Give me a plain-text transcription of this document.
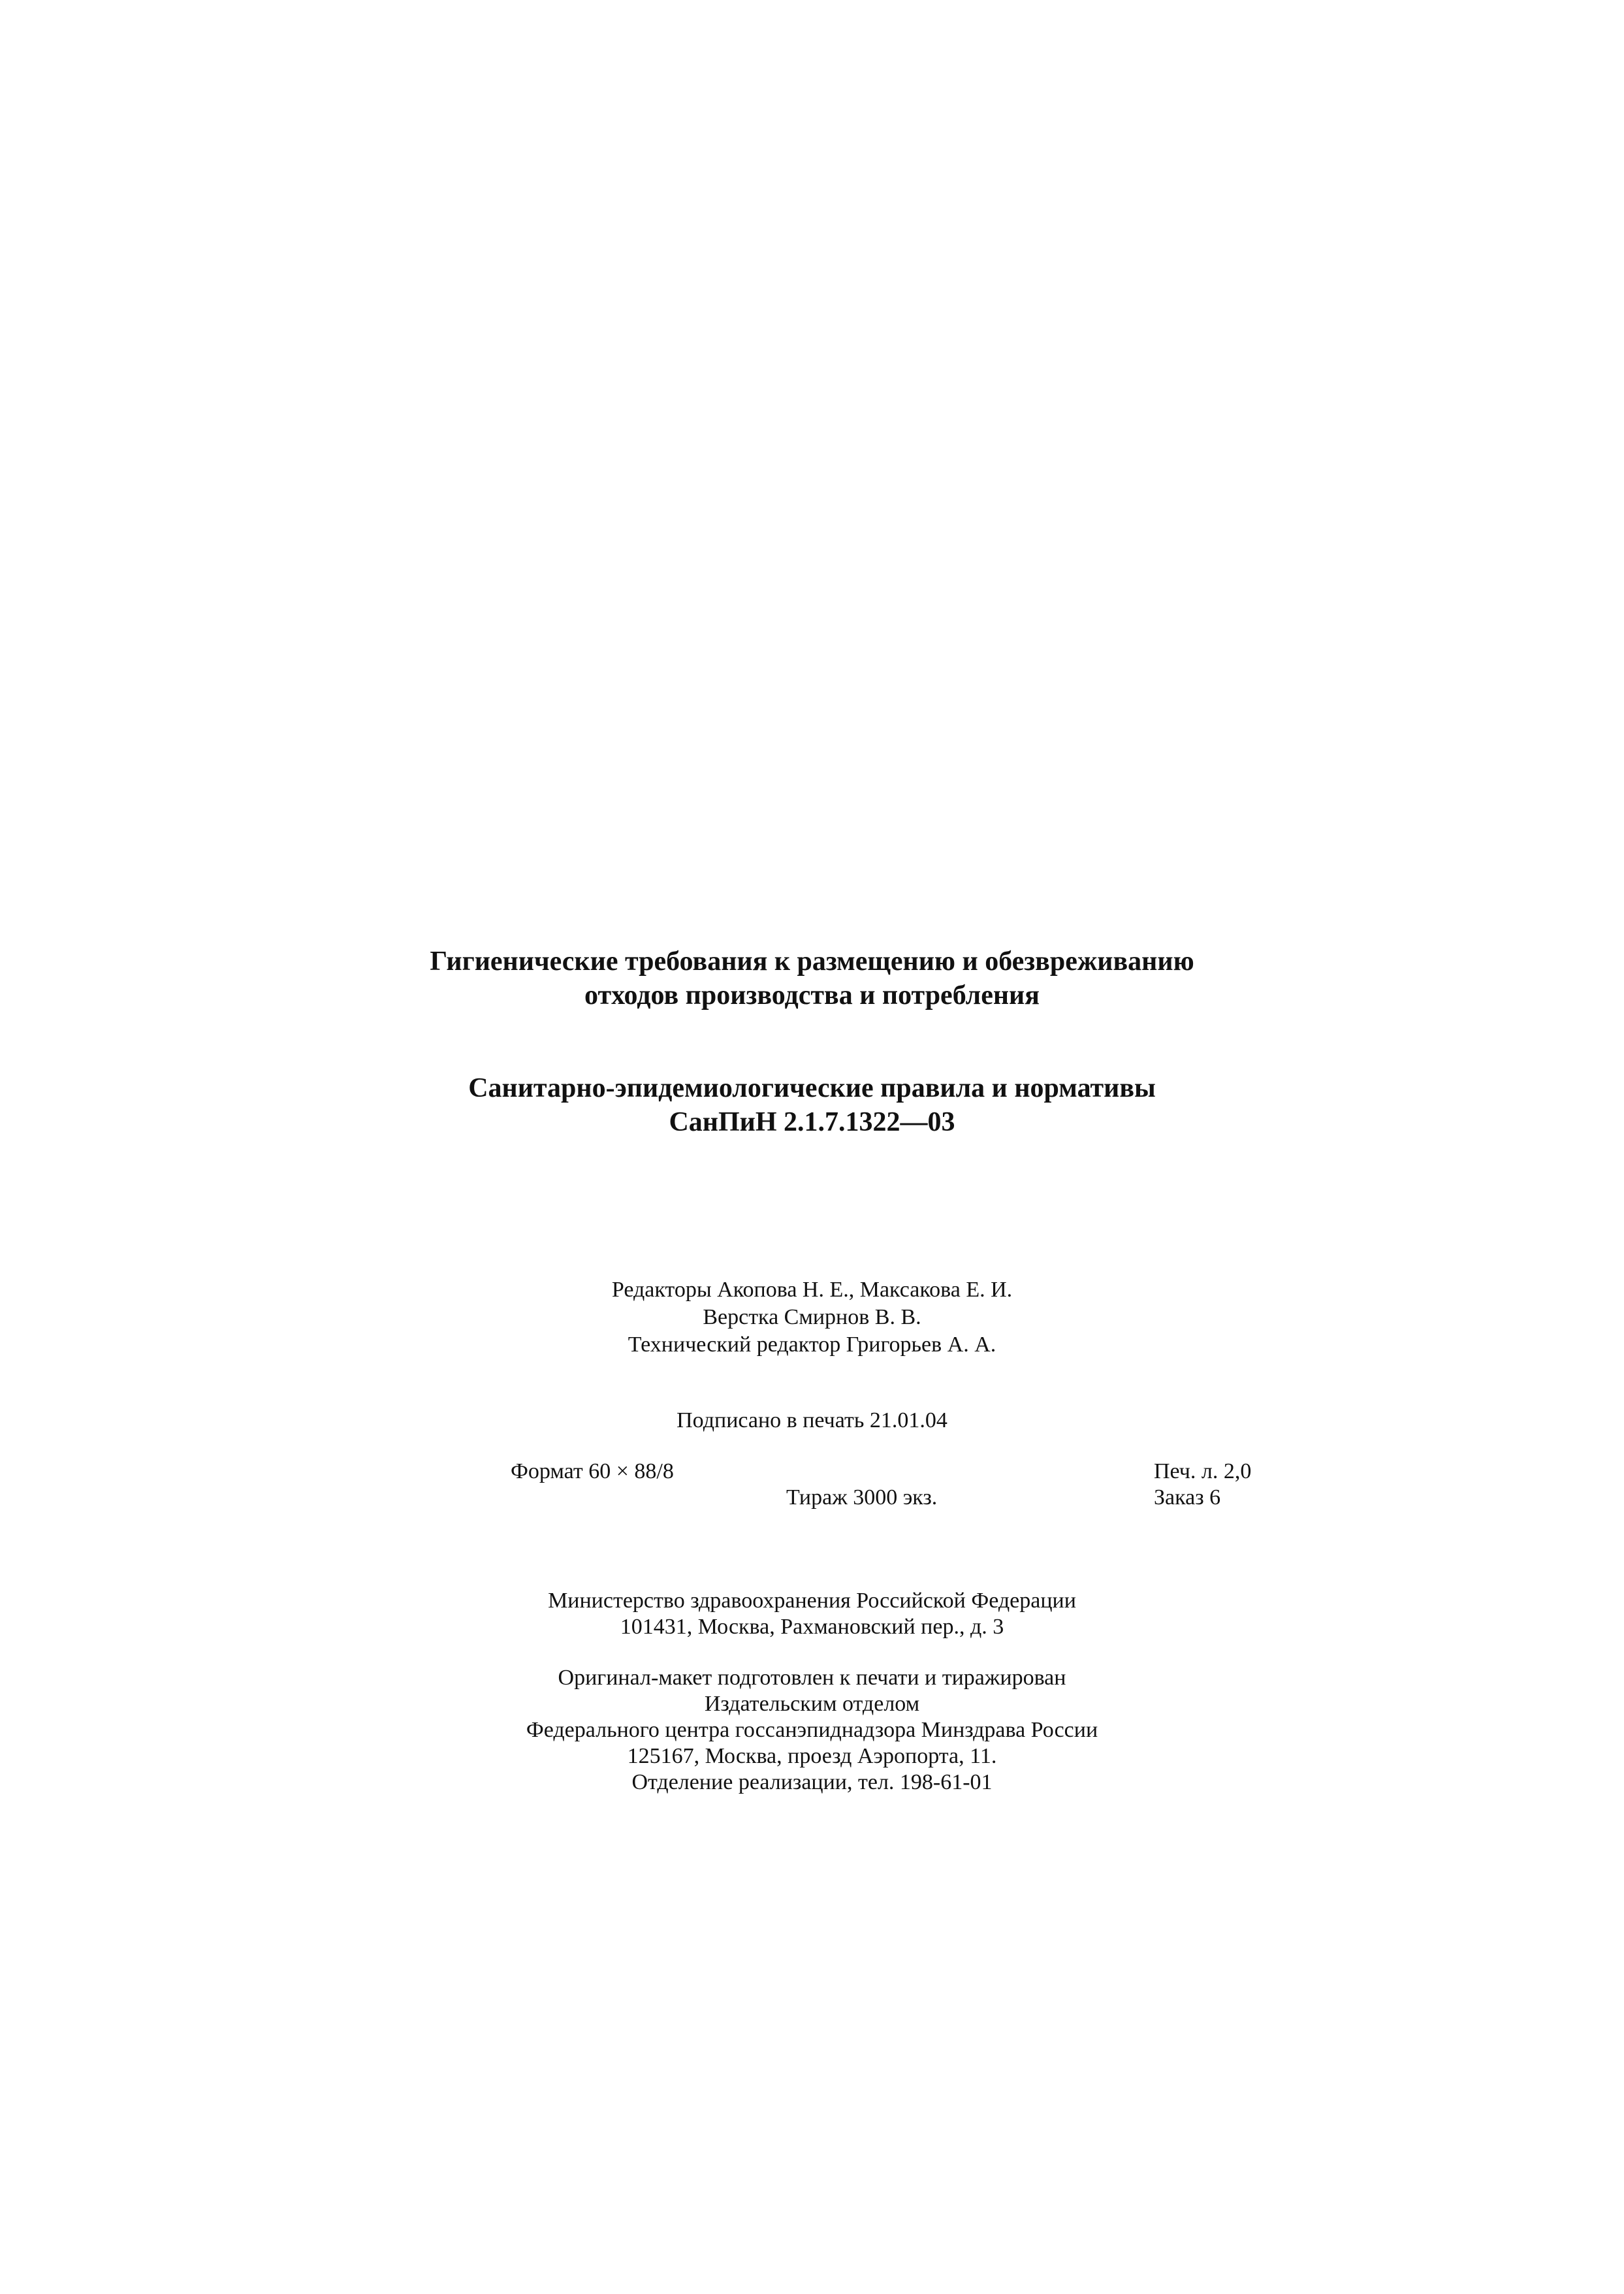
Гигиенические требования к размещению и обезвреживанию
отходов производства и потребления
Санитарно-эпидемиологические правила и нормативы
СанПиН 2.1.7.1322—03
Редакторы Акопова Н. Е., Максакова Е. И.
Верстка Смирнов В. В.
Технический редактор Григорьев А. А.
Подписано в печать 21.01.04
Формат 60 × 88/8	Печ. л. 2,0
Тираж 3000 экз.	Заказ 6
Министерство здравоохранения Российской Федерации
101431, Москва, Рахмановский пер., д. 3
Оригинал-макет подготовлен к печати и тиражирован
Издательским отделом
Федерального центра госсанэпиднадзора Минздрава России
125167, Москва, проезд Аэропорта, 11.
Отделение реализации, тел. 198-61-01
